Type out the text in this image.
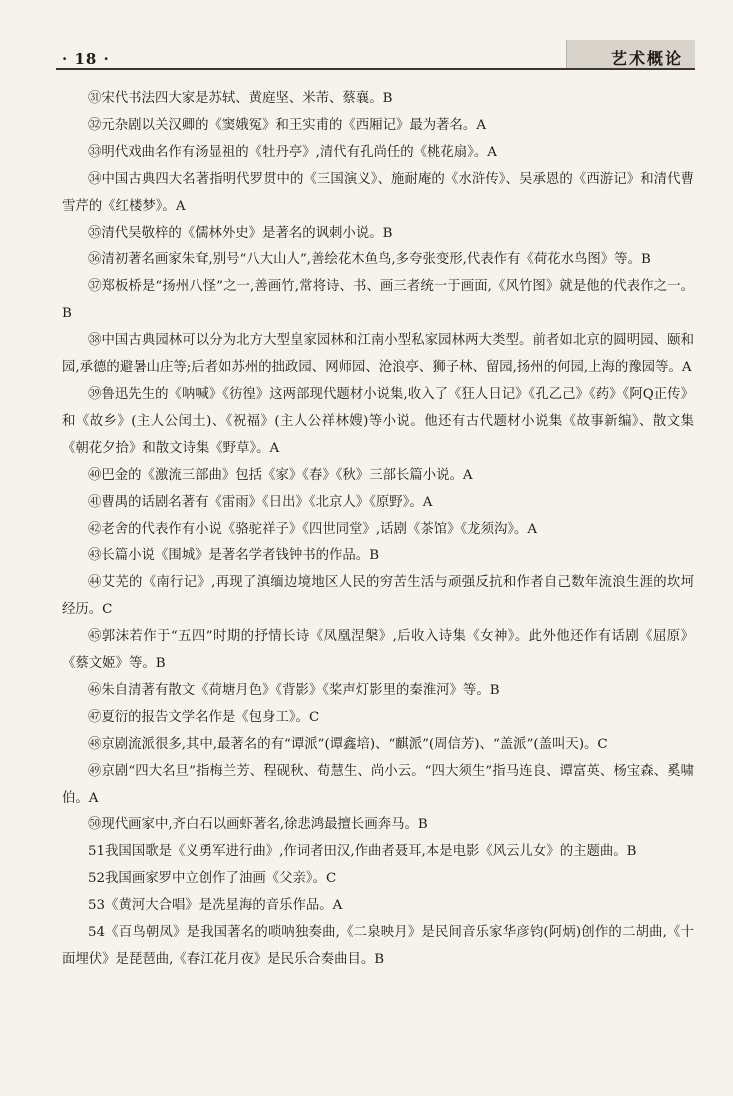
· 18 ·	艺术概论

㉛宋代书法四大家是苏轼、黄庭坚、米芾、蔡襄。B

㉜元杂剧以关汉卿的《窦娥冤》和王实甫的《西厢记》最为著名。A

㉝明代戏曲名作有汤显祖的《牡丹亭》,清代有孔尚任的《桃花扇》。A

㉞中国古典四大名著指明代罗贯中的《三国演义》、施耐庵的《水浒传》、吴承恩的《西游记》和清代曹雪芹的《红楼梦》。A

㉟清代吴敬梓的《儒林外史》是著名的讽刺小说。B

㊱清初著名画家朱耷,别号“八大山人”,善绘花木鱼鸟,多夸张变形,代表作有《荷花水鸟图》等。B

㊲郑板桥是“扬州八怪”之一,善画竹,常将诗、书、画三者统一于画面,《风竹图》就是他的代表作之一。B

㊳中国古典园林可以分为北方大型皇家园林和江南小型私家园林两大类型。前者如北京的圆明园、颐和园,承德的避暑山庄等;后者如苏州的拙政园、网师园、沧浪亭、狮子林、留园,扬州的何园,上海的豫园等。A

㊴鲁迅先生的《呐喊》《彷徨》这两部现代题材小说集,收入了《狂人日记》《孔乙己》《药》《阿Q正传》和《故乡》(主人公闰土)、《祝福》(主人公祥林嫂)等小说。他还有古代题材小说集《故事新编》、散文集《朝花夕拾》和散文诗集《野草》。A

㊵巴金的《激流三部曲》包括《家》《春》《秋》三部长篇小说。A

㊶曹禺的话剧名著有《雷雨》《日出》《北京人》《原野》。A

㊷老舍的代表作有小说《骆驼祥子》《四世同堂》,话剧《茶馆》《龙须沟》。A

㊸长篇小说《围城》是著名学者钱钟书的作品。B

㊹艾芜的《南行记》,再现了滇缅边境地区人民的穷苦生活与顽强反抗和作者自己数年流浪生涯的坎坷经历。C

㊺郭沫若作于“五四”时期的抒情长诗《凤凰涅槃》,后收入诗集《女神》。此外他还作有话剧《屈原》《蔡文姬》等。B

㊻朱自清著有散文《荷塘月色》《背影》《桨声灯影里的秦淮河》等。B

㊼夏衍的报告文学名作是《包身工》。C

㊽京剧流派很多,其中,最著名的有“谭派”(谭鑫培)、“麒派”(周信芳)、“盖派”(盖叫天)。C

㊾京剧“四大名旦”指梅兰芳、程砚秋、荀慧生、尚小云。“四大须生”指马连良、谭富英、杨宝森、奚啸伯。A

㊿现代画家中,齐白石以画虾著名,徐悲鸿最擅长画奔马。B

51我国国歌是《义勇军进行曲》,作词者田汉,作曲者聂耳,本是电影《风云儿女》的主题曲。B

52我国画家罗中立创作了油画《父亲》。C

53《黄河大合唱》是冼星海的音乐作品。A

54《百鸟朝凤》是我国著名的唢呐独奏曲,《二泉映月》是民间音乐家华彦钧(阿炳)创作的二胡曲,《十面埋伏》是琵琶曲,《春江花月夜》是民乐合奏曲目。B
